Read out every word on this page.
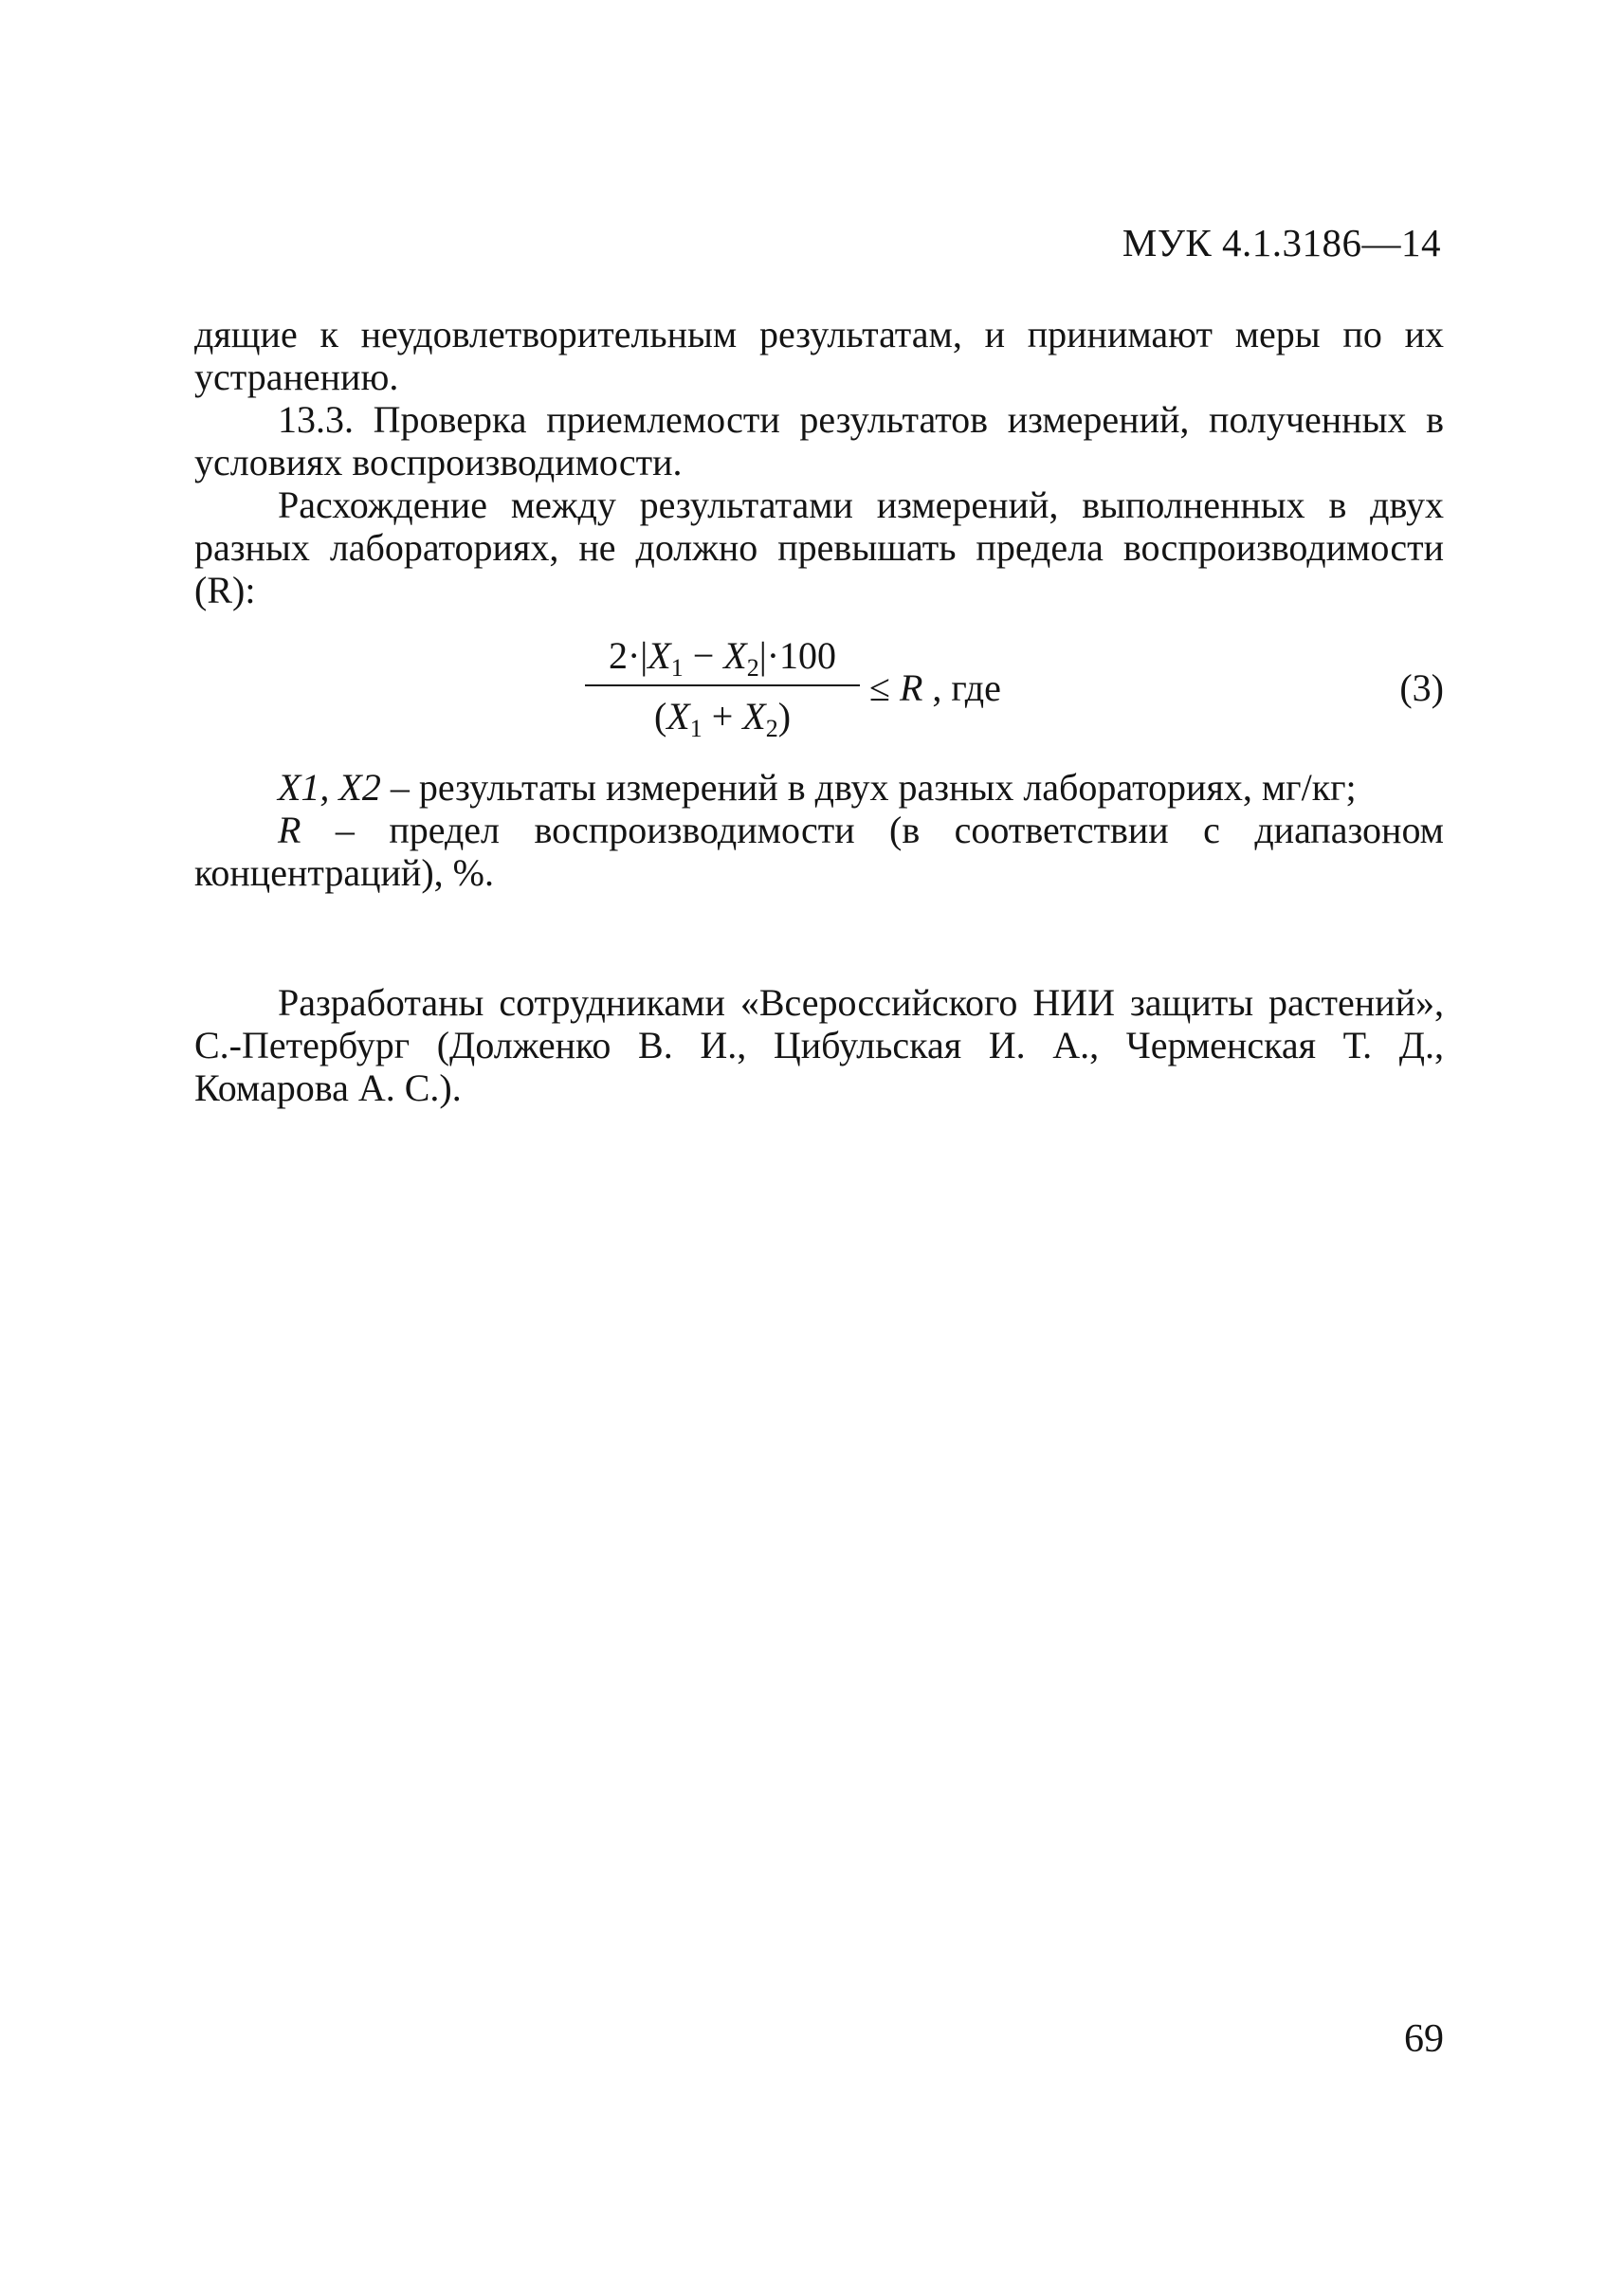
МУК 4.1.3186—14

дящие к неудовлетворительным результатам, и принимают меры по их устранению.

13.3. Проверка приемлемости результатов измерений, полученных в условиях воспроизводимости.

Расхождение между результатами измерений, выполненных в двух разных лабораториях, не должно превышать предела воспроизводимости (R):

$2\cdot|X_1 - X_2|\cdot 100$
$(X_1 + X_2)$
≤ R , где	(3)

X1, X2 – результаты измерений в двух разных лабораториях, мг/кг;

R – предел воспроизводимости (в соответствии с диапазоном концентраций), %.

Разработаны сотрудниками «Всероссийского НИИ защиты растений», С.-Петербург (Долженко В. И., Цибульская И. А., Черменская Т. Д., Комарова А. С.).

69
